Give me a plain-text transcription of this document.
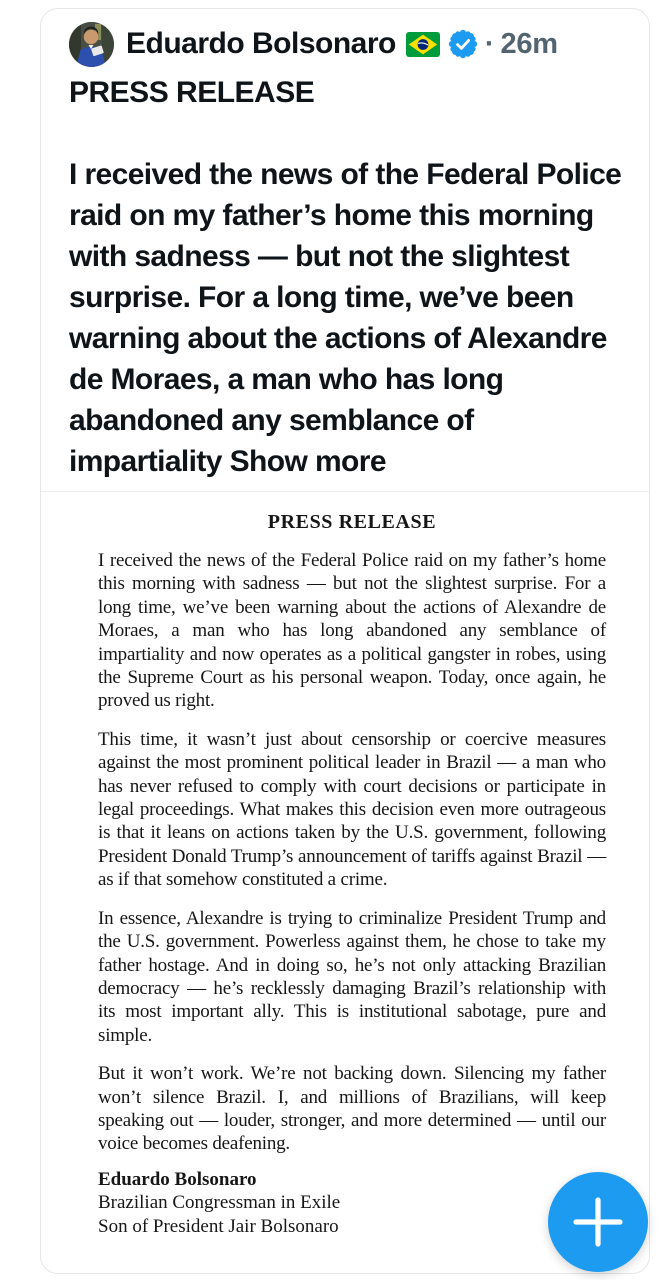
Eduardo Bolsonaro	· 26m
PRESS RELEASE
I received the news of the Federal Police raid on my father’s home this morning with sadness — but not the slightest surprise. For a long time, we’ve been warning about the actions of Alexandre de Moraes, a man who has long abandoned any semblance of impartiality Show more
PRESS RELEASE

I received the news of the Federal Police raid on my father’s home this morning with sadness — but not the slightest surprise. For a long time, we’ve been warning about the actions of Alexandre de Moraes, a man who has long abandoned any semblance of impartiality and now operates as a political gangster in robes, using the Supreme Court as his personal weapon. Today, once again, he proved us right.

This time, it wasn’t just about censorship or coercive measures against the most prominent political leader in Brazil — a man who has never refused to comply with court decisions or participate in legal proceedings. What makes this decision even more outrageous is that it leans on actions taken by the U.S. government, following President Donald Trump’s announcement of tariffs against Brazil — as if that somehow constituted a crime.

In essence, Alexandre is trying to criminalize President Trump and the U.S. government. Powerless against them, he chose to take my father hostage. And in doing so, he’s not only attacking Brazilian democracy — he’s recklessly damaging Brazil’s relationship with its most important ally. This is institutional sabotage, pure and simple.

But it won’t work. We’re not backing down. Silencing my father won’t silence Brazil. I, and millions of Brazilians, will keep speaking out — louder, stronger, and more determined — until our voice becomes deafening.

Eduardo Bolsonaro
Brazilian Congressman in Exile
Son of President Jair Bolsonaro
